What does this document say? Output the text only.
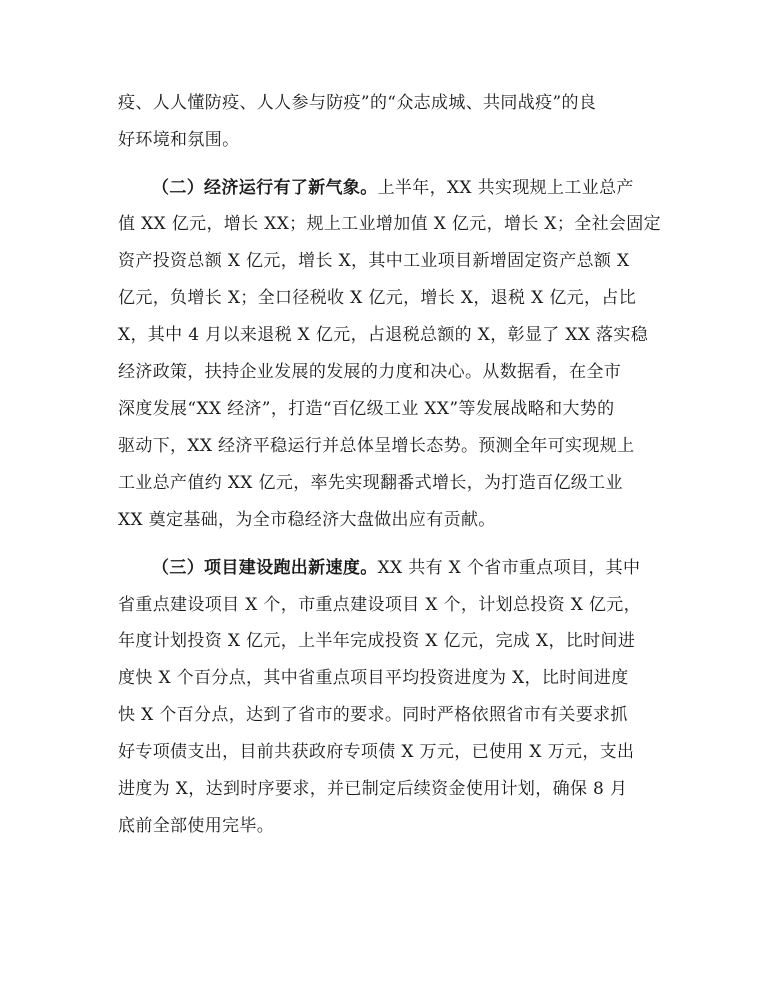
疫、人人懂防疫、人人参与防疫”的“众志成城、共同战疫”的良
好环境和氛围。
（二）经济运行有了新气象。上半年，XX 共实现规上工业总产
值 XX 亿元，增长 XX；规上工业增加值 X 亿元，增长 X；全社会固定
资产投资总额 X 亿元，增长 X，其中工业项目新增固定资产总额 X
亿元，负增长 X；全口径税收 X 亿元，增长 X，退税 X 亿元，占比
X，其中 4 月以来退税 X 亿元，占退税总额的 X，彰显了 XX 落实稳
经济政策，扶持企业发展的发展的力度和决心。从数据看，在全市
深度发展“XX 经济”，打造“百亿级工业 XX”等发展战略和大势的
驱动下，XX 经济平稳运行并总体呈增长态势。预测全年可实现规上
工业总产值约 XX 亿元，率先实现翻番式增长，为打造百亿级工业
XX 奠定基础，为全市稳经济大盘做出应有贡献。
（三）项目建设跑出新速度。XX 共有 X 个省市重点项目，其中
省重点建设项目 X 个，市重点建设项目 X 个，计划总投资 X 亿元，
年度计划投资 X 亿元，上半年完成投资 X 亿元，完成 X，比时间进
度快 X 个百分点，其中省重点项目平均投资进度为 X，比时间进度
快 X 个百分点，达到了省市的要求。同时严格依照省市有关要求抓
好专项债支出，目前共获政府专项债 X 万元，已使用 X 万元，支出
进度为 X，达到时序要求，并已制定后续资金使用计划，确保 8 月
底前全部使用完毕。
